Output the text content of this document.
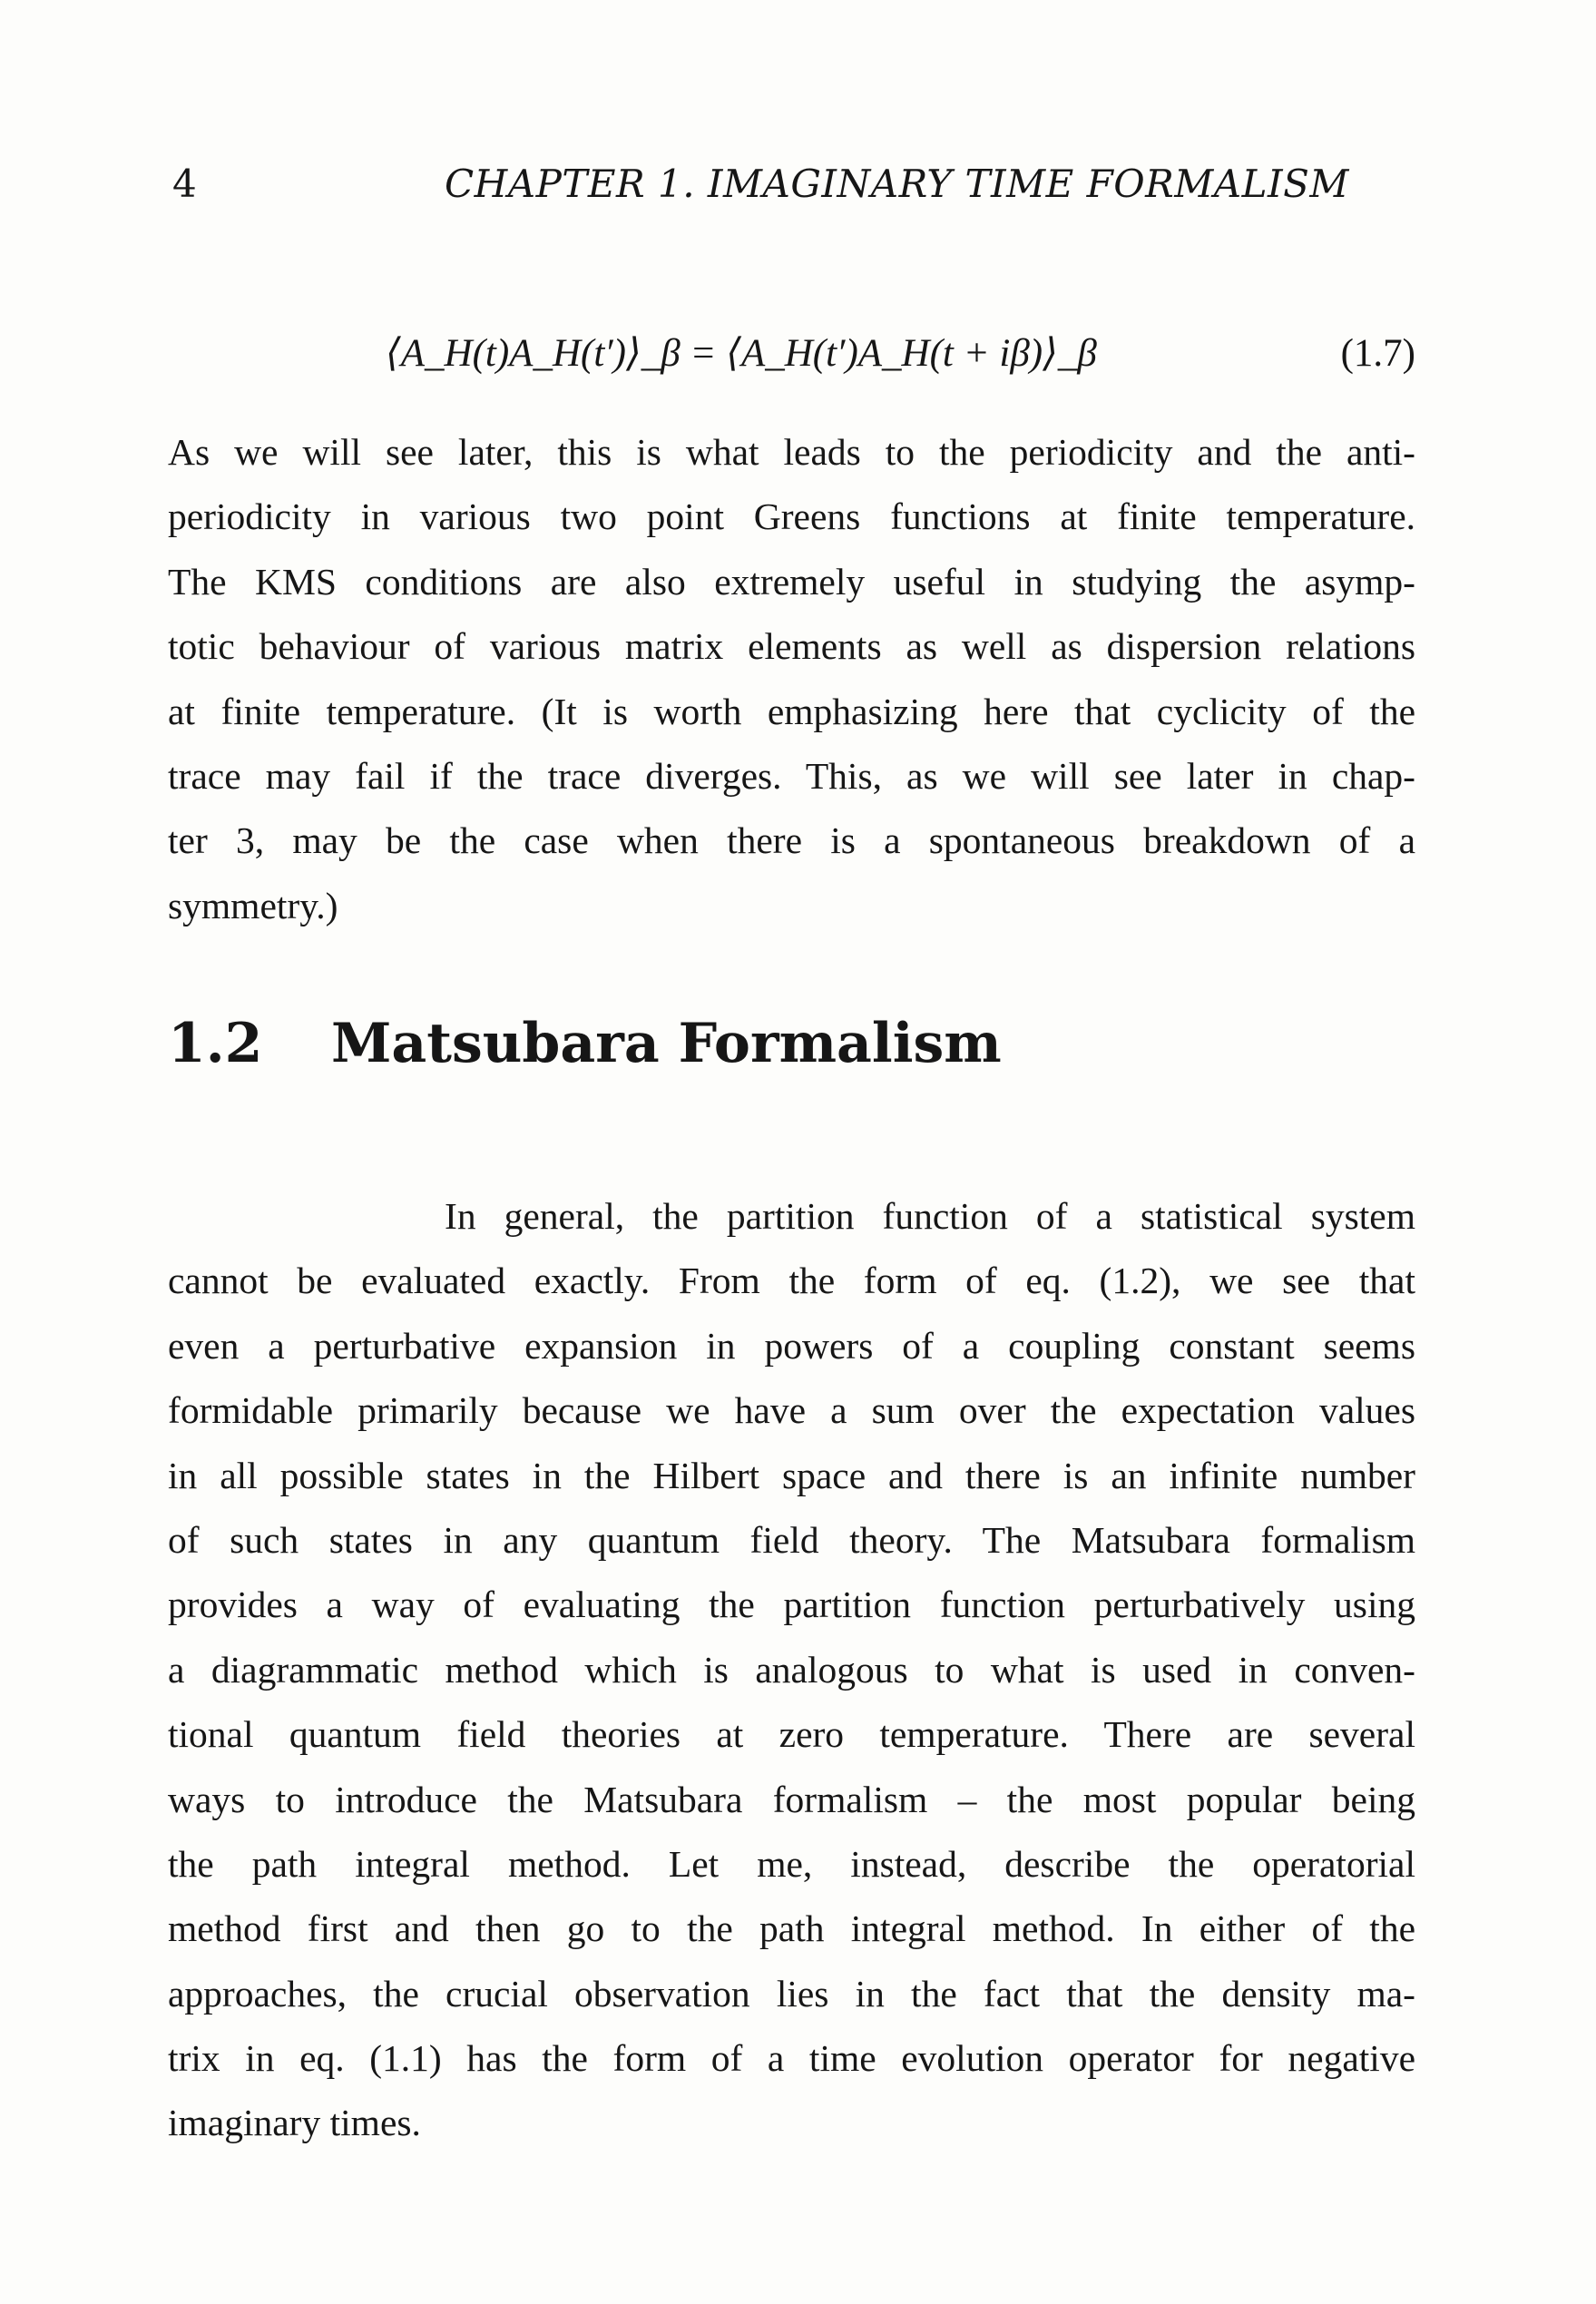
4	CHAPTER 1. IMAGINARY TIME FORMALISM
⟨A_H(t)A_H(t′)⟩_β = ⟨A_H(t′)A_H(t + iβ)⟩_β	(1.7)
As we will see later, this is what leads to the periodicity and the anti-
periodicity in various two point Greens functions at finite temperature.
The KMS conditions are also extremely useful in studying the asymp-
totic behaviour of various matrix elements as well as dispersion relations
at finite temperature. (It is worth emphasizing here that cyclicity of the
trace may fail if the trace diverges. This, as we will see later in chap-
ter 3, may be the case when there is a spontaneous breakdown of a
symmetry.)
1.2 Matsubara Formalism
In general, the partition function of a statistical system
cannot be evaluated exactly. From the form of eq. (1.2), we see that
even a perturbative expansion in powers of a coupling constant seems
formidable primarily because we have a sum over the expectation values
in all possible states in the Hilbert space and there is an infinite number
of such states in any quantum field theory. The Matsubara formalism
provides a way of evaluating the partition function perturbatively using
a diagrammatic method which is analogous to what is used in conven-
tional quantum field theories at zero temperature. There are several
ways to introduce the Matsubara formalism – the most popular being
the path integral method. Let me, instead, describe the operatorial
method first and then go to the path integral method. In either of the
approaches, the crucial observation lies in the fact that the density ma-
trix in eq. (1.1) has the form of a time evolution operator for negative
imaginary times.
